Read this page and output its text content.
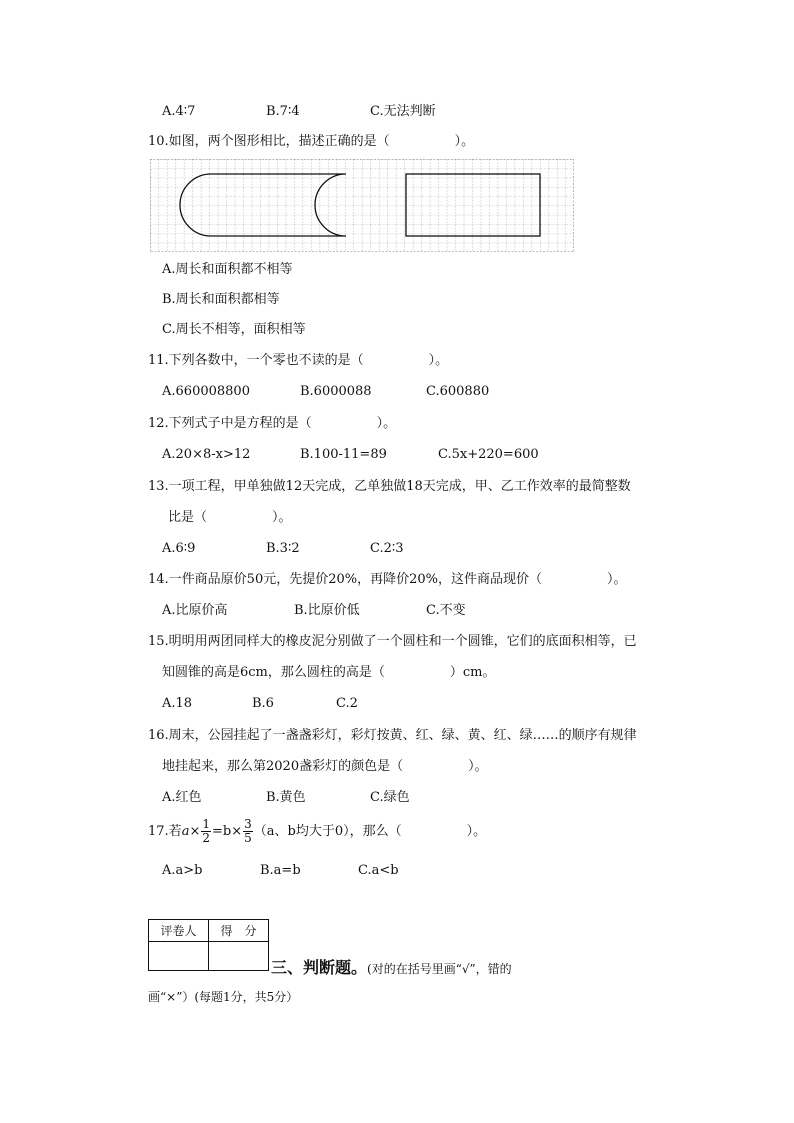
A.4∶7	B.7∶4	C.无法判断
10.如图，两个图形相比，描述正确的是（　　　　　）。
A.周长和面积都不相等
B.周长和面积都相等
C.周长不相等，面积相等
11.下列各数中，一个零也不读的是（　　　　　）。
A.660008800	B.6000088	C.600880
12.下列式子中是方程的是（　　　　　）。
A.20×8-x>12	B.100-11=89	C.5x+220=600
13.一项工程，甲单独做12天完成，乙单独做18天完成，甲、乙工作效率的最简整数
比是（　　　　　）。
A.6∶9	B.3∶2	C.2∶3
14.一件商品原价50元，先提价20%，再降价20%，这件商品现价（　　　　　）。
A.比原价高	B.比原价低	C.不变
15.明明用两团同样大的橡皮泥分别做了一个圆柱和一个圆锥，它们的底面积相等，已
知圆锥的高是6cm，那么圆柱的高是（　　　　　）cm。
A.18	B.6	C.2
16.周末，公园挂起了一盏盏彩灯，彩灯按黄、红、绿、黄、红、绿……的顺序有规律
地挂起来，那么第2020盏彩灯的颜色是（　　　　　）。
A.红色	B.黄色	C.绿色
17.若$a\times \frac{1}{2} =b\times \frac{3}{5} (a$、b均大于0），那么（　　　　　）。
A.a>b	B.a=b	C.a<b
评卷人	得　分

三、判断题。(对的在括号里画“√”，错的
画“×”）(每题1分，共5分）
